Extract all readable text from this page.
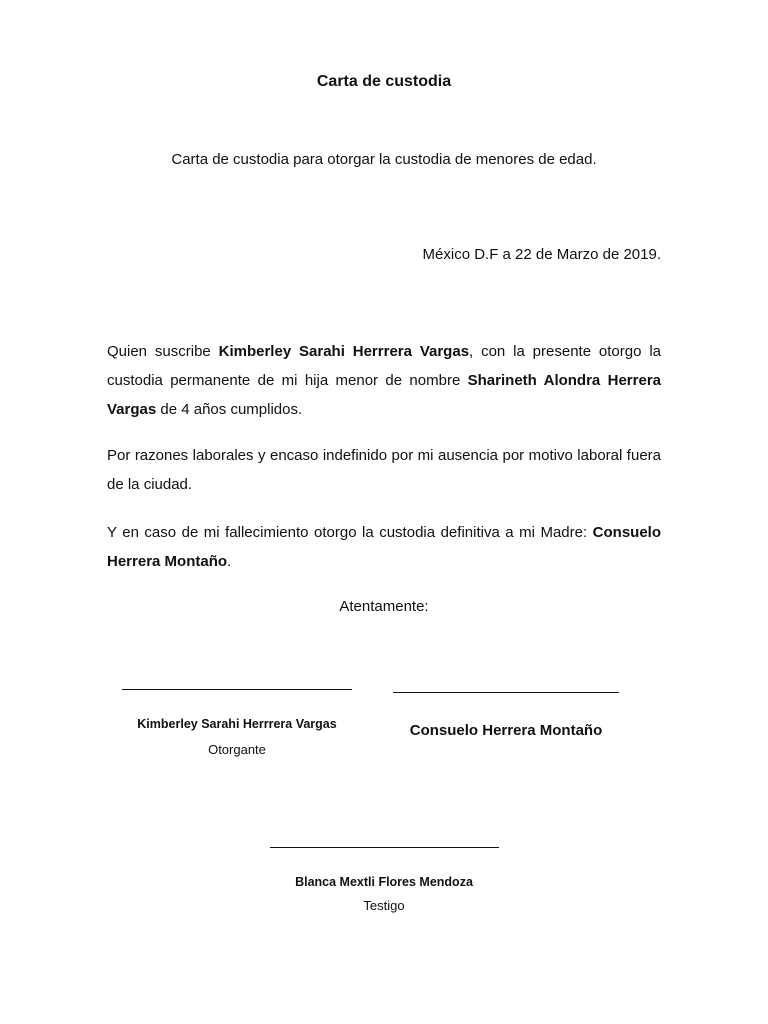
Carta de custodia
Carta de custodia para otorgar la custodia de menores de edad.
México D.F a 22 de Marzo de 2019.

Quien suscribe Kimberley Sarahi Herrrera Vargas, con la presente otorgo la custodia permanente de mi hija menor de nombre Sharineth Alondra Herrera Vargas de 4 años cumplidos.

Por razones laborales y encaso indefinido por mi ausencia por motivo laboral fuera de la ciudad.

Y en caso de mi fallecimiento otorgo la custodia definitiva a mi Madre: Consuelo Herrera Montaño.

Atentamente:
Kimberley Sarahi Herrrera Vargas
Otorgante
Consuelo Herrera Montaño
Blanca Mextli Flores Mendoza
Testigo
